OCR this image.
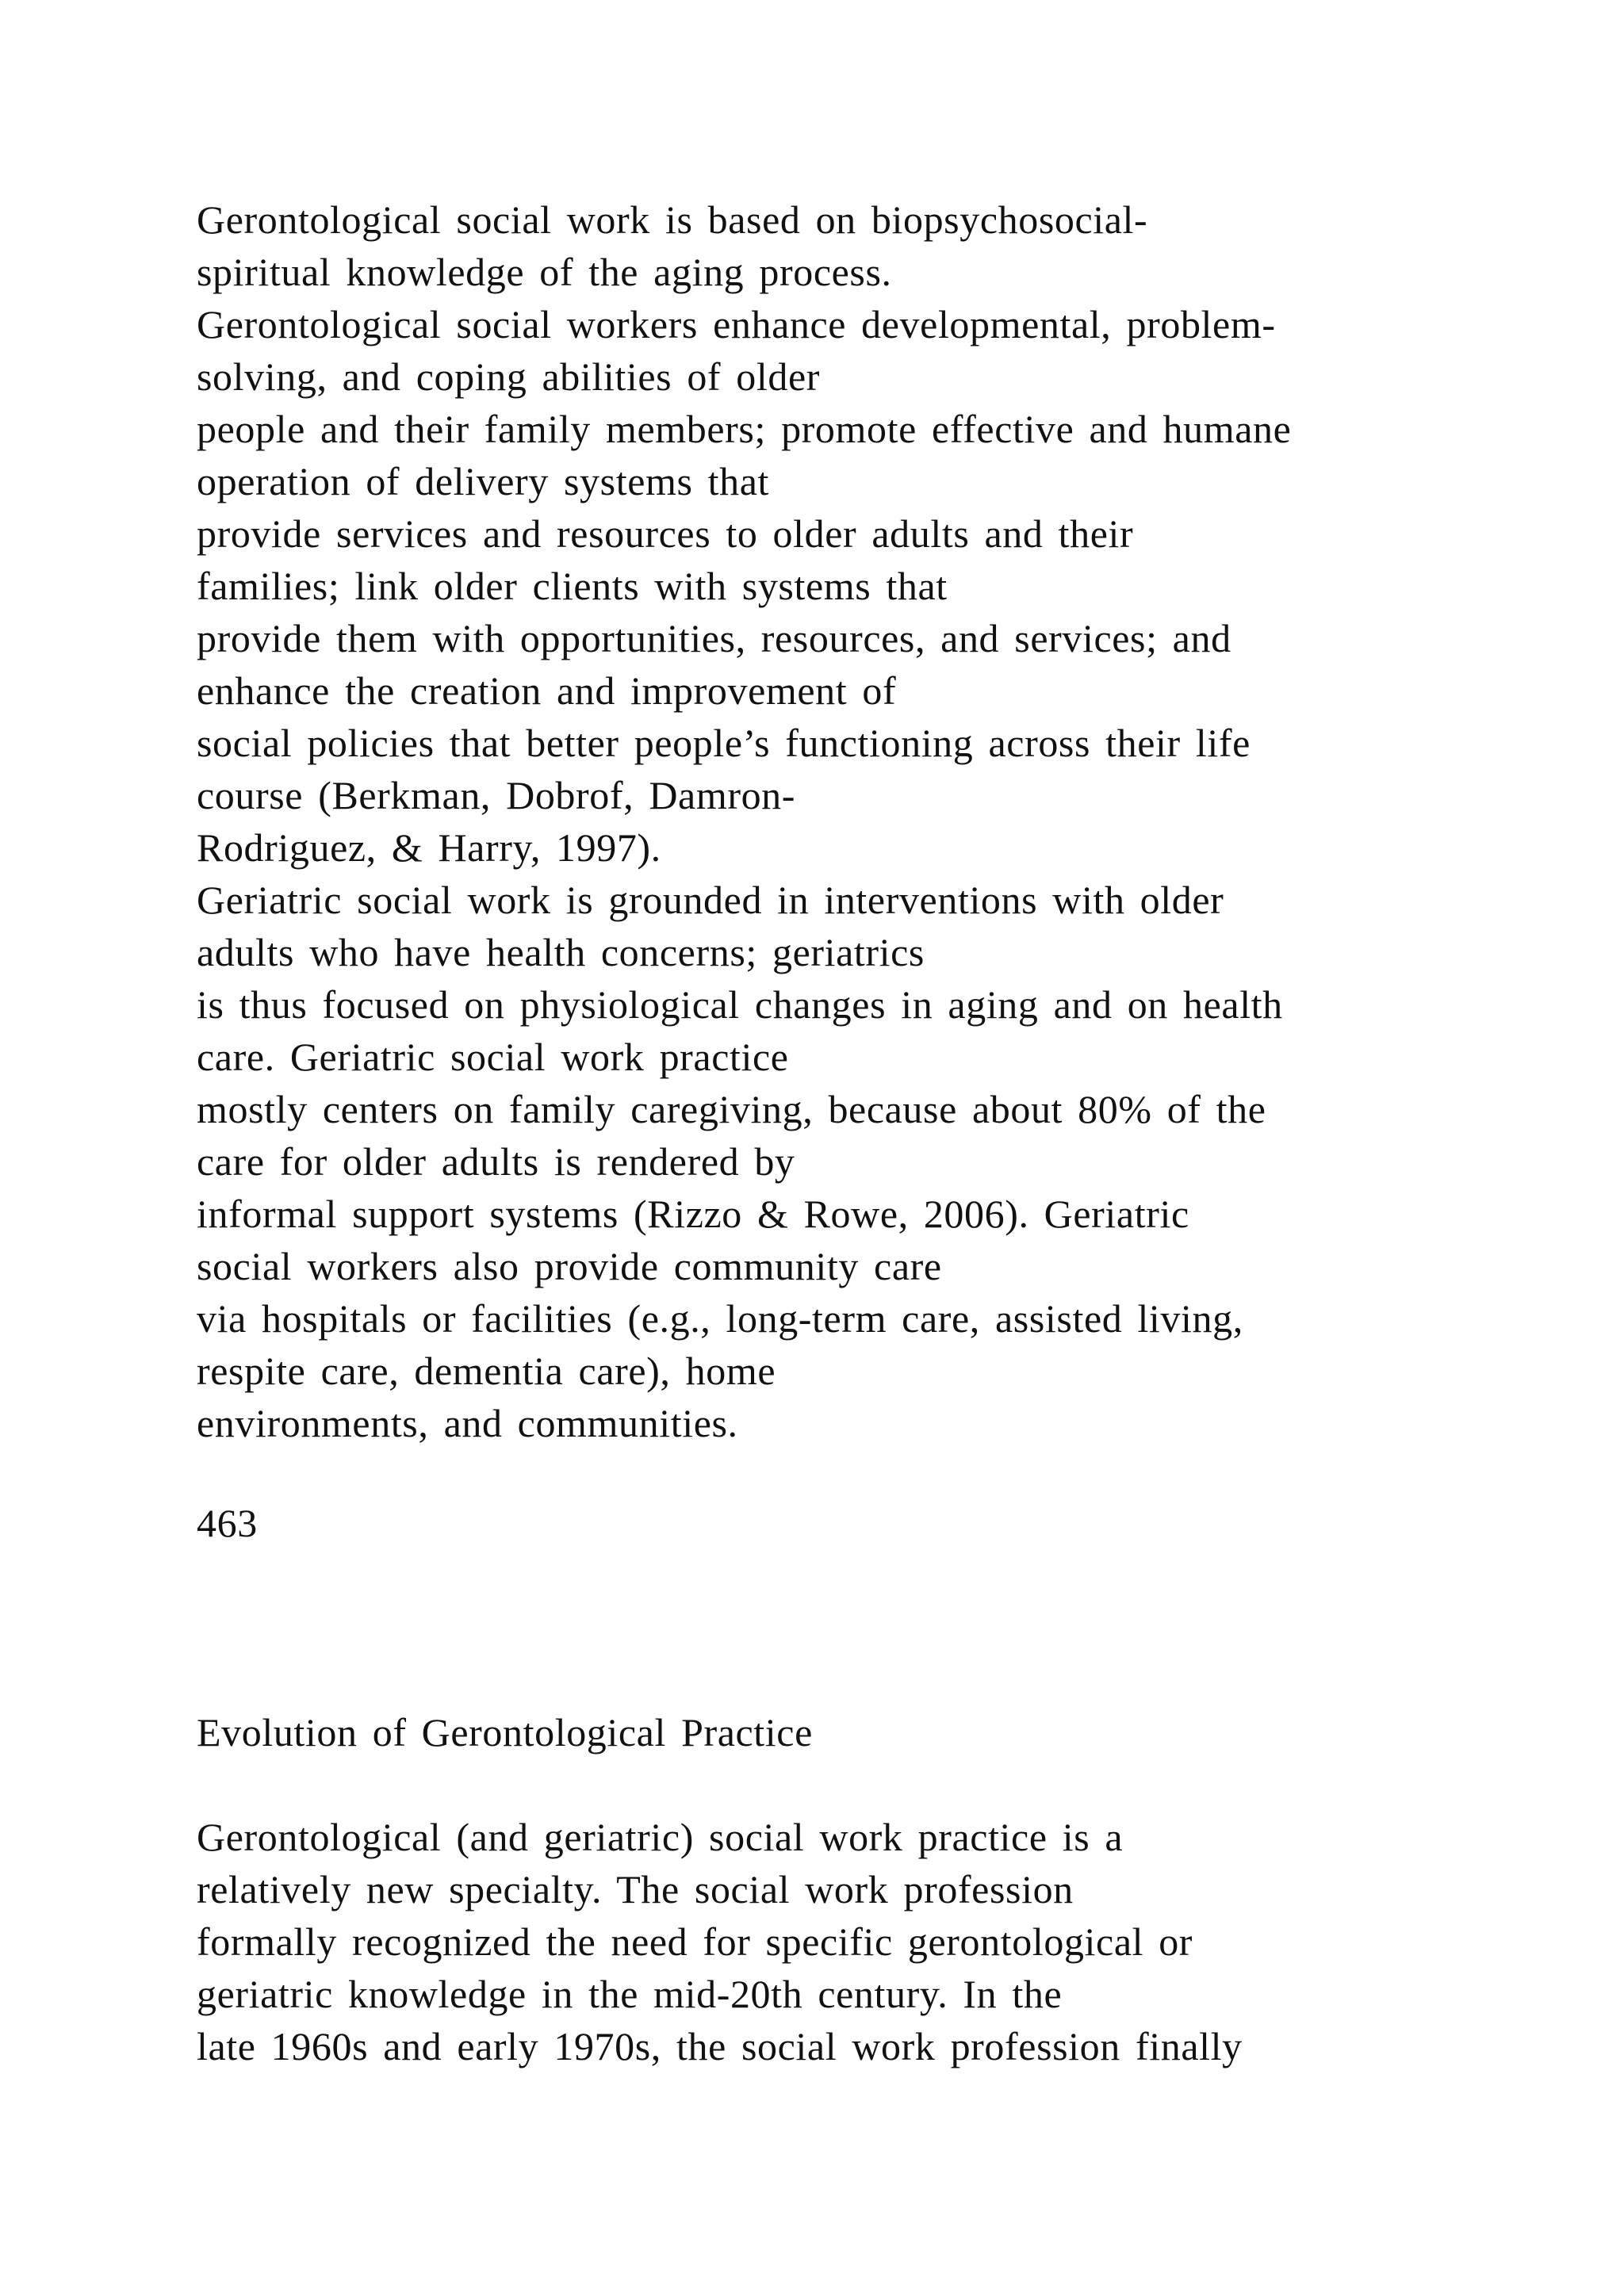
Gerontological social work is based on biopsychosocial-
spiritual knowledge of the aging process.
Gerontological social workers enhance developmental, problem-
solving, and coping abilities of older
people and their family members; promote effective and humane
operation of delivery systems that
provide services and resources to older adults and their
families; link older clients with systems that
provide them with opportunities, resources, and services; and
enhance the creation and improvement of
social policies that better people’s functioning across their life
course (Berkman, Dobrof, Damron-
Rodriguez, & Harry, 1997).
Geriatric social work is grounded in interventions with older
adults who have health concerns; geriatrics
is thus focused on physiological changes in aging and on health
care. Geriatric social work practice
mostly centers on family caregiving, because about 80% of the
care for older adults is rendered by
informal support systems (Rizzo & Rowe, 2006). Geriatric
social workers also provide community care
via hospitals or facilities (e.g., long-term care, assisted living,
respite care, dementia care), home
environments, and communities.
463
Evolution of Gerontological Practice
Gerontological (and geriatric) social work practice is a
relatively new specialty. The social work profession
formally recognized the need for specific gerontological or
geriatric knowledge in the mid-20th century. In the
late 1960s and early 1970s, the social work profession finally
